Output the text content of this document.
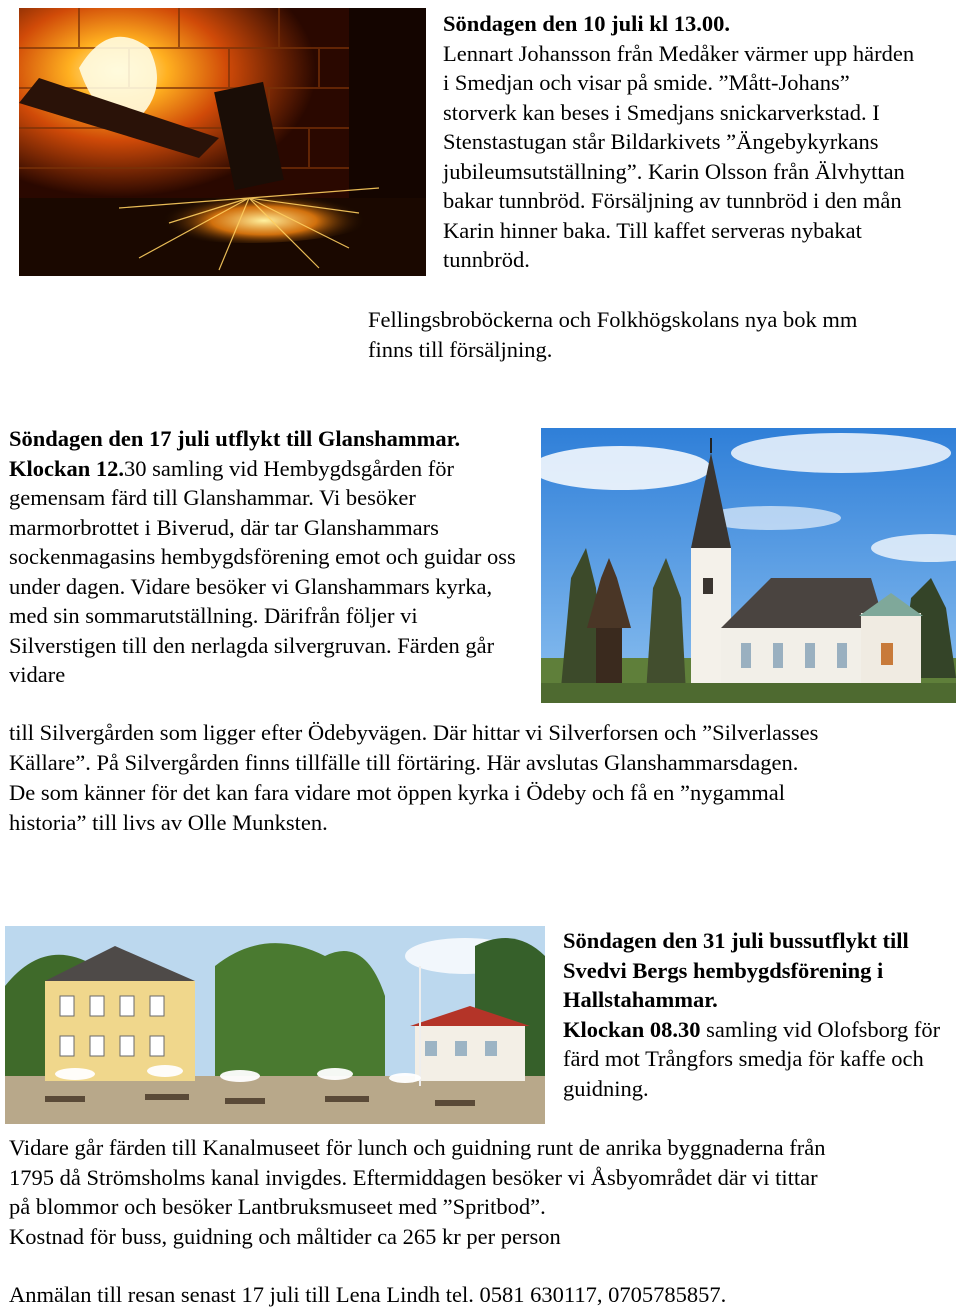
Söndagen den 10 juli kl 13.00.
Lennart Johansson från Medåker värmer upp härden i Smedjan och visar på smide. ”Mått-Johans” storverk kan beses i Smedjans snickarverkstad. I Stenstastugan står Bildarkivets ”Ängebykyrkans jubileumsutställning”. Karin Olsson från Älvhyttan bakar tunnbröd. Försäljning av tunnbröd i den mån Karin hinner baka. Till kaffet serveras nybakat tunnbröd.
Fellingsbroböckerna och Folkhögskolans nya bok mm
finns till försäljning.
Söndagen den 17 juli utflykt till Glanshammar.
Klockan 12.30 samling vid Hembygdsgården för gemensam färd till Glanshammar. Vi besöker marmorbrottet i Biverud, där tar Glanshammars sockenmagasins hembygdsförening emot och guidar oss under dagen. Vidare besöker vi Glanshammars kyrka, med sin sommarutställning. Därifrån följer vi Silverstigen till den nerlagda silvergruvan. Färden går vidare
till Silvergården som ligger efter Ödebyvägen. Där hittar vi Silverforsen och ”Silverlasses
Källare”. På Silvergården finns tillfälle till förtäring. Här avslutas Glanshammarsdagen.
De som känner för det kan fara vidare mot öppen kyrka i Ödeby och få en ”nygammal
historia” till livs av Olle Munksten.
Söndagen den 31 juli bussutflykt till Svedvi Bergs hembygdsförening i Hallstahammar.
Klockan 08.30 samling vid Olofsborg för färd mot Trångfors smedja för kaffe och guidning.
Vidare går färden till Kanalmuseet för lunch och guidning runt de anrika byggnaderna från
1795 då Strömsholms kanal invigdes. Eftermiddagen besöker vi Åsbyområdet där vi tittar
på blommor och besöker Lantbruksmuseet med ”Spritbod”.
Kostnad för buss, guidning och måltider ca 265 kr per person
Anmälan till resan senast 17 juli till Lena Lindh tel. 0581 630117, 0705785857.
